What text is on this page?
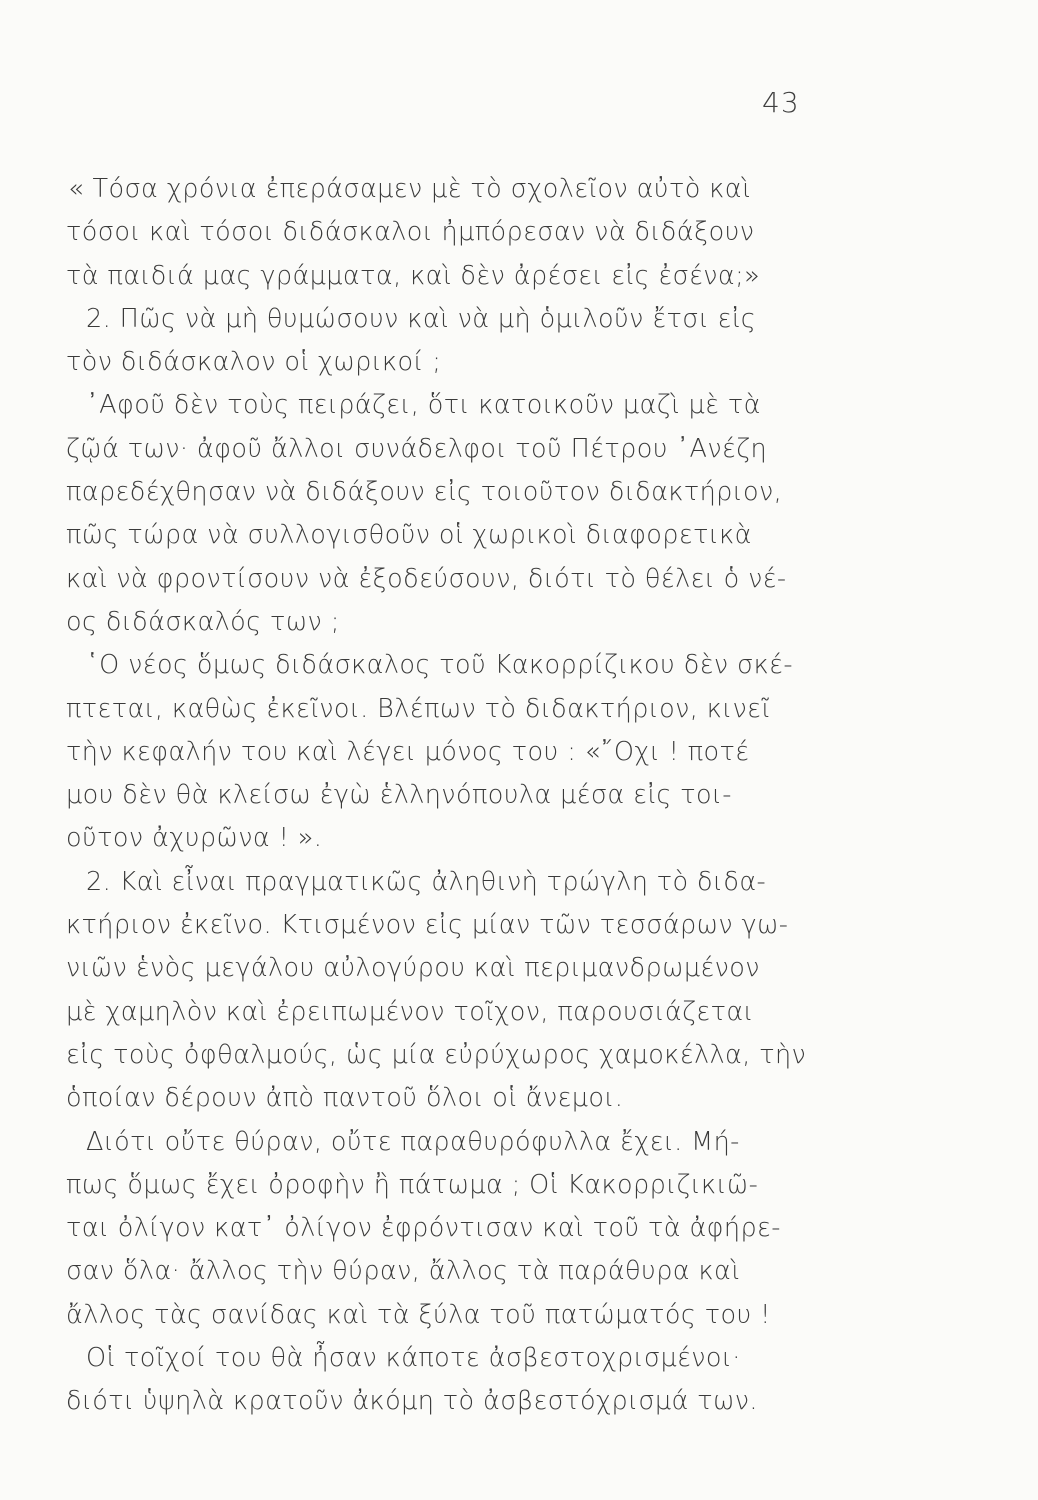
43
« Τόσα χρόνια ἐπεράσαμεν μὲ τὸ σχολεῖον αὐτὸ καὶ
τόσοι καὶ τόσοι διδάσκαλοι ἠμπόρεσαν νὰ διδάξουν
τὰ παιδιά μας γράμματα, καὶ δὲν ἀρέσει εἰς ἐσένα;»
2. Πῶς νὰ μὴ θυμώσουν καὶ νὰ μὴ ὁμιλοῦν ἔτσι εἰς
τὸν διδάσκαλον οἱ χωρικοί ;
᾿Αφοῦ δὲν τοὺς πειράζει, ὅτι κατοικοῦν μαζὶ μὲ τὰ
ζῷά των· ἀφοῦ ἄλλοι συνάδελφοι τοῦ Πέτρου ᾿Ανέζη
παρεδέχθησαν νὰ διδάξουν εἰς τοιοῦτον διδακτήριον,
πῶς τώρα νὰ συλλογισθοῦν οἱ χωρικοὶ διαφορετικὰ
καὶ νὰ φροντίσουν νὰ ἐξοδεύσουν, διότι τὸ θέλει ὁ νέ-
ος διδάσκαλός των ;
῾Ο νέος ὅμως διδάσκαλος τοῦ Κακορρίζικου δὲν σκέ-
πτεται, καθὼς ἐκεῖνοι. Βλέπων τὸ διδακτήριον, κινεῖ
τὴν κεφαλήν του καὶ λέγει μόνος του : «῎Οχι ! ποτέ
μου δὲν θὰ κλείσω ἐγὼ ἑλληνόπουλα μέσα εἰς τοι-
οῦτον ἀχυρῶνα ! ».
2. Καὶ εἶναι πραγματικῶς ἀληθινὴ τρώγλη τὸ διδα-
κτήριον ἐκεῖνο. Κτισμένον εἰς μίαν τῶν τεσσάρων γω-
νιῶν ἑνὸς μεγάλου αὐλογύρου καὶ περιμανδρωμένον
μὲ χαμηλὸν καὶ ἐρειπωμένον τοῖχον, παρουσιάζεται
εἰς τοὺς ὀφθαλμούς, ὡς μία εὐρύχωρος χαμοκέλλα, τὴν
ὁποίαν δέρουν ἀπὸ παντοῦ ὅλοι οἱ ἄνεμοι.
Διότι οὔτε θύραν, οὔτε παραθυρόφυλλα ἔχει. Μή-
πως ὅμως ἔχει ὀροφὴν ἢ πάτωμα ; Οἱ Κακορριζικιῶ-
ται ὀλίγον κατ᾿ ὀλίγον ἐφρόντισαν καὶ τοῦ τὰ ἀφήρε-
σαν ὅλα· ἄλλος τὴν θύραν, ἄλλος τὰ παράθυρα καὶ
ἄλλος τὰς σανίδας καὶ τὰ ξύλα τοῦ πατώματός του !
Οἱ τοῖχοί του θὰ ἦσαν κάποτε ἀσβεστοχρισμένοι·
διότι ὑψηλὰ κρατοῦν ἀκόμη τὸ ἀσβεστόχρισμά των.
